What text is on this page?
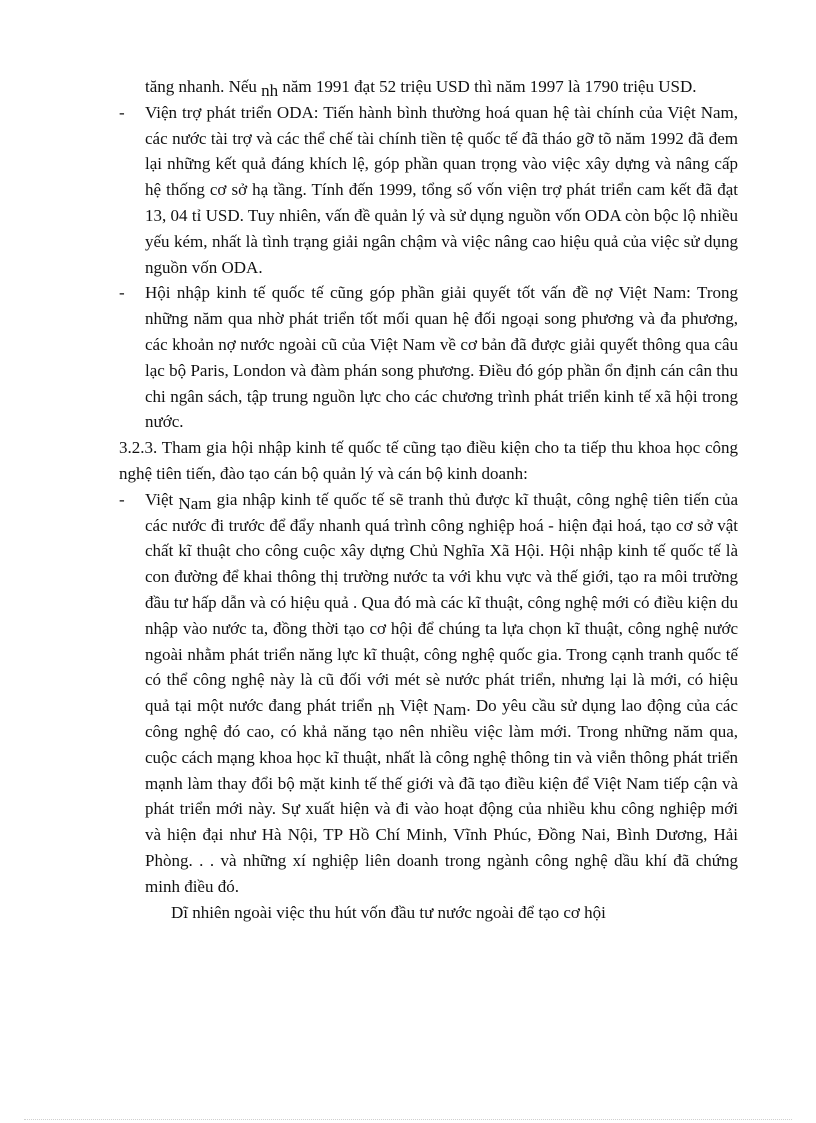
tăng nhanh. Nếu nh năm 1991 đạt 52 triệu USD thì năm 1997 là 1790 triệu USD.

-	Viện trợ phát triển ODA: Tiến hành bình thường hoá quan hệ tài chính của Việt Nam, các nước tài trợ và các thể chế tài chính tiền tệ quốc tế đã tháo gỡ tõ năm 1992 đã đem lại những kết quả đáng khích lệ, góp phần quan trọng vào việc xây dựng và nâng cấp hệ thống cơ sở hạ tầng. Tính đến 1999, tổng số vốn viện trợ phát triển cam kết đã đạt 13, 04 tỉ USD. Tuy nhiên, vấn đề quản lý và sử dụng nguồn vốn ODA còn bộc lộ nhiều yếu kém, nhất là tình trạng giải ngân chậm và việc nâng cao hiệu quả của việc sử dụng nguồn vốn ODA.

-	Hội nhập kinh tế quốc tế cũng góp phần giải quyết tốt vấn đề nợ Việt Nam: Trong những năm qua nhờ phát triển tốt mối quan hệ đối ngoại song phương và đa phương, các khoản nợ nước ngoài cũ của Việt Nam về cơ bản đã được giải quyết thông qua câu lạc bộ Paris, London và đàm phán song phương. Điều đó góp phần ổn định cán cân thu chi ngân sách, tập trung nguồn lực cho các chương trình phát triển kinh tế xã hội trong nước.

3.2.3. Tham gia hội nhập kinh tế quốc tế cũng tạo điều kiện cho ta tiếp thu khoa học công nghệ tiên tiến, đào tạo cán bộ quản lý và cán bộ kinh doanh:

-	Việt Nam gia nhập kinh tế quốc tế sẽ tranh thủ được kĩ thuật, công nghệ tiên tiến của các nước đi trước để đẩy nhanh quá trình công nghiệp hoá - hiện đại hoá, tạo cơ sở vật chất kĩ thuật cho công cuộc xây dựng Chủ Nghĩa Xã Hội. Hội nhập kinh tế quốc tế là con đường để khai thông thị trường nước ta với khu vực và thế giới, tạo ra môi trường đầu tư hấp dẫn và có hiệu quả . Qua đó mà các kĩ thuật, công nghệ mới có điều kiện du nhập vào nước ta, đồng thời tạo cơ hội để chúng ta lựa chọn kĩ thuật, công nghệ nước ngoài nhằm phát triển năng lực kĩ thuật, công nghệ quốc gia. Trong cạnh tranh quốc tế có thể công nghệ này là cũ đối với mét sè nước phát triển, nhưng lại là mới, có hiệu quả tại một nước đang phát triển nh Việt Nam. Do yêu cầu sử dụng lao động của các công nghệ đó cao, có khả năng tạo nên nhiều việc làm mới. Trong những năm qua, cuộc cách mạng khoa học kĩ thuật, nhất là công nghệ thông tin và viễn thông phát triển mạnh làm thay đổi bộ mặt kinh tế thế giới và đã tạo điều kiện để Việt Nam tiếp cận và phát triển mới này. Sự xuất hiện và đi vào hoạt động của nhiều khu công nghiệp mới và hiện đại như Hà Nội, TP Hồ Chí Minh, Vĩnh Phúc, Đồng Nai, Bình Dương, Hải Phòng. . . và những xí nghiệp liên doanh trong ngành công nghệ dầu khí đã chứng minh điều đó.

Dĩ nhiên ngoài việc thu hút vốn đầu tư nước ngoài để tạo cơ hội
